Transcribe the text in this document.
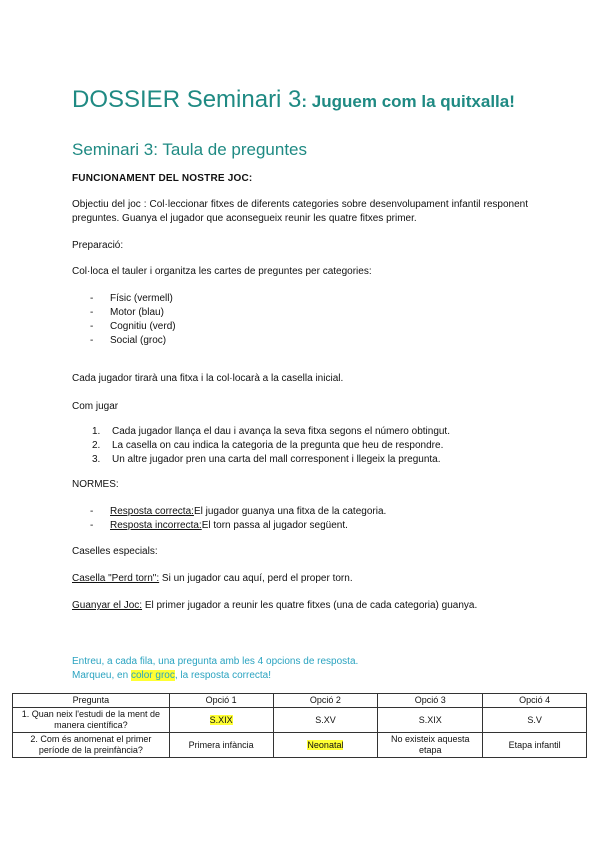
DOSSIER Seminari 3: Juguem com la quitxalla!
Seminari 3: Taula de preguntes
FUNCIONAMENT DEL NOSTRE JOC:
Objectiu del joc : Col·leccionar fitxes de diferents categories sobre desenvolupament infantil responent preguntes. Guanya el jugador que aconsegueix reunir les quatre fitxes primer.
Preparació:
Col·loca el tauler i organitza les cartes de preguntes per categories:
-	Físic (vermell)
-	Motor (blau)
-	Cognitiu (verd)
-	Social (groc)
Cada jugador tirarà una fitxa i la col·locarà a la casella inicial.
Com jugar
1.	Cada jugador llança el dau i avança la seva fitxa segons el número obtingut.
2.	La casella on cau indica la categoria de la pregunta que heu de respondre.
3.	Un altre jugador pren una carta del mall corresponent i llegeix la pregunta.
NORMES:
-	Resposta correcta: El jugador guanya una fitxa de la categoria.
-	Resposta incorrecta: El torn passa al jugador següent.
Caselles especials:
Casella "Perd torn": Si un jugador cau aquí, perd el proper torn.
Guanyar el Joc: El primer jugador a reunir les quatre fitxes (una de cada categoria) guanya.
Entreu, a cada fila, una pregunta amb les 4 opcions de resposta.
Marqueu, en color groc, la resposta correcta!
Pregunta	Opció 1	Opció 2	Opció 3	Opció 4
1. Quan neix l'estudi de la ment de manera científica?	S.XIX	S.XV	S.XIX	S.V
2. Com és anomenat el primer període de la preinfància?	Primera infància	Neonatal	No existeix aquesta etapa	Etapa infantil
